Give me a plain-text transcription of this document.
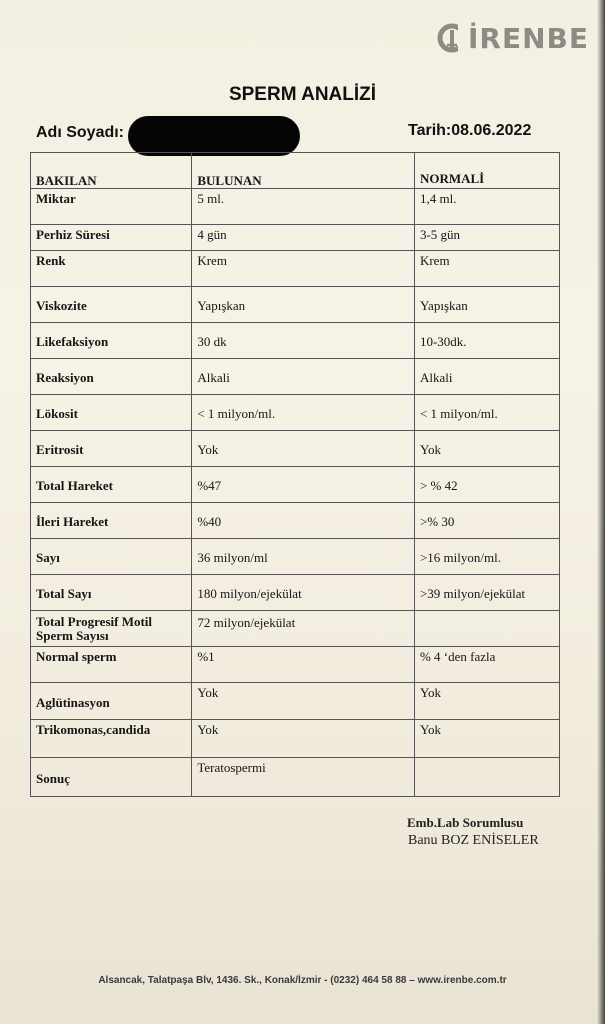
İRENBE
SPERM ANALİZİ
Adı Soyadı:	Tarih:08.06.2022
BAKILAN	BULUNAN	NORMALİ
Miktar	5 ml.	1,4 ml.
Perhiz Süresi	4 gün	3-5 gün
Renk	Krem	Krem
Viskozite	Yapışkan	Yapışkan
Likefaksiyon	30 dk	10-30dk.
Reaksiyon	Alkali	Alkali
Lökosit	< 1 milyon/ml.	< 1 milyon/ml.
Eritrosit	Yok	Yok
Total Hareket	%47	> % 42
İleri Hareket	%40	>% 30
Sayı	36 milyon/ml	>16 milyon/ml.
Total Sayı	180 milyon/ejekülat	>39 milyon/ejekülat
Total Progresif Motil Sperm Sayısı	72 milyon/ejekülat	
Normal sperm	%1	% 4 ‘den fazla
Aglütinasyon	Yok	Yok
Trikomonas,candida	Yok	Yok
Sonuç	Teratospermi	
Emb.Lab Sorumlusu
Banu BOZ ENİSELER
Alsancak, Talatpaşa Blv, 1436. Sk., Konak/İzmir - (0232) 464 58 88 – www.irenbe.com.tr
